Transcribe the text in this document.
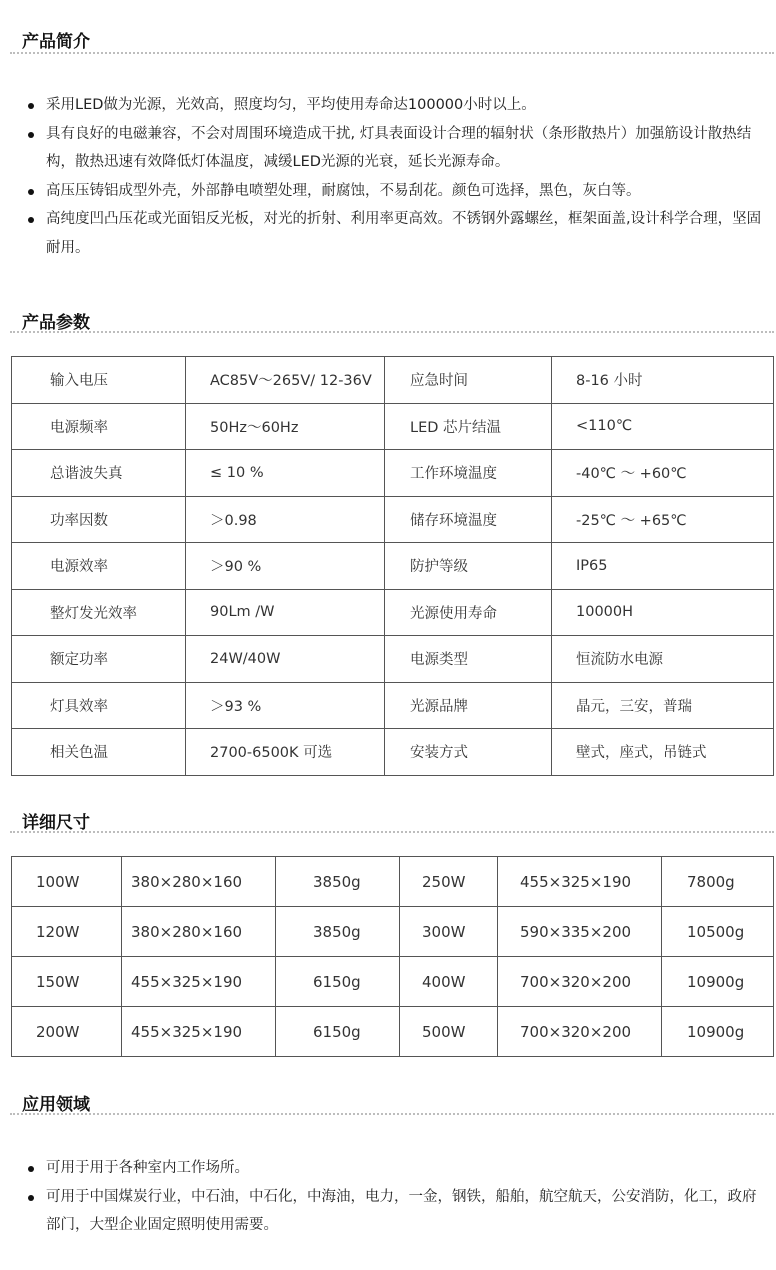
产品简介
采用LED做为光源，光效高，照度均匀，平均使用寿命达100000小时以上。
具有良好的电磁兼容，不会对周围环境造成干扰, 灯具表面设计合理的辐射状（条形散热片）加强筋设计散热结构，散热迅速有效降低灯体温度，减缓LED光源的光衰，延长光源寿命。
高压压铸铝成型外壳，外部静电喷塑处理，耐腐蚀，不易刮花。颜色可选择，黑色，灰白等。
高纯度凹凸压花或光面铝反光板，对光的折射、利用率更高效。不锈钢外露螺丝，框架面盖,设计科学合理，坚固耐用。
产品参数
输入电压	AC85V～265V/ 12-36V	应急时间	8-16 小时
电源频率	50Hz～60Hz	LED 芯片结温	<110℃
总谐波失真	≤ 10 %	工作环境温度	-40℃ ～ +60℃
功率因数	＞0.98	储存环境温度	-25℃ ～ +65℃
电源效率	＞90 %	防护等级	IP65
整灯发光效率	90Lm /W	光源使用寿命	10000H
额定功率	24W/40W	电源类型	恒流防水电源
灯具效率	＞93 %	光源品牌	晶元，三安，普瑞
相关色温	2700-6500K 可选	安装方式	壁式，座式，吊链式
详细尺寸
100W	380×280×160	3850g	250W	455×325×190	7800g
120W	380×280×160	3850g	300W	590×335×200	10500g
150W	455×325×190	6150g	400W	700×320×200	10900g
200W	455×325×190	6150g	500W	700×320×200	10900g
应用领域
可用于用于各种室内工作场所。
可用于中国煤炭行业，中石油，中石化，中海油，电力，一金，钢铁，船舶，航空航天，公安消防，化工，政府部门，大型企业固定照明使用需要。
